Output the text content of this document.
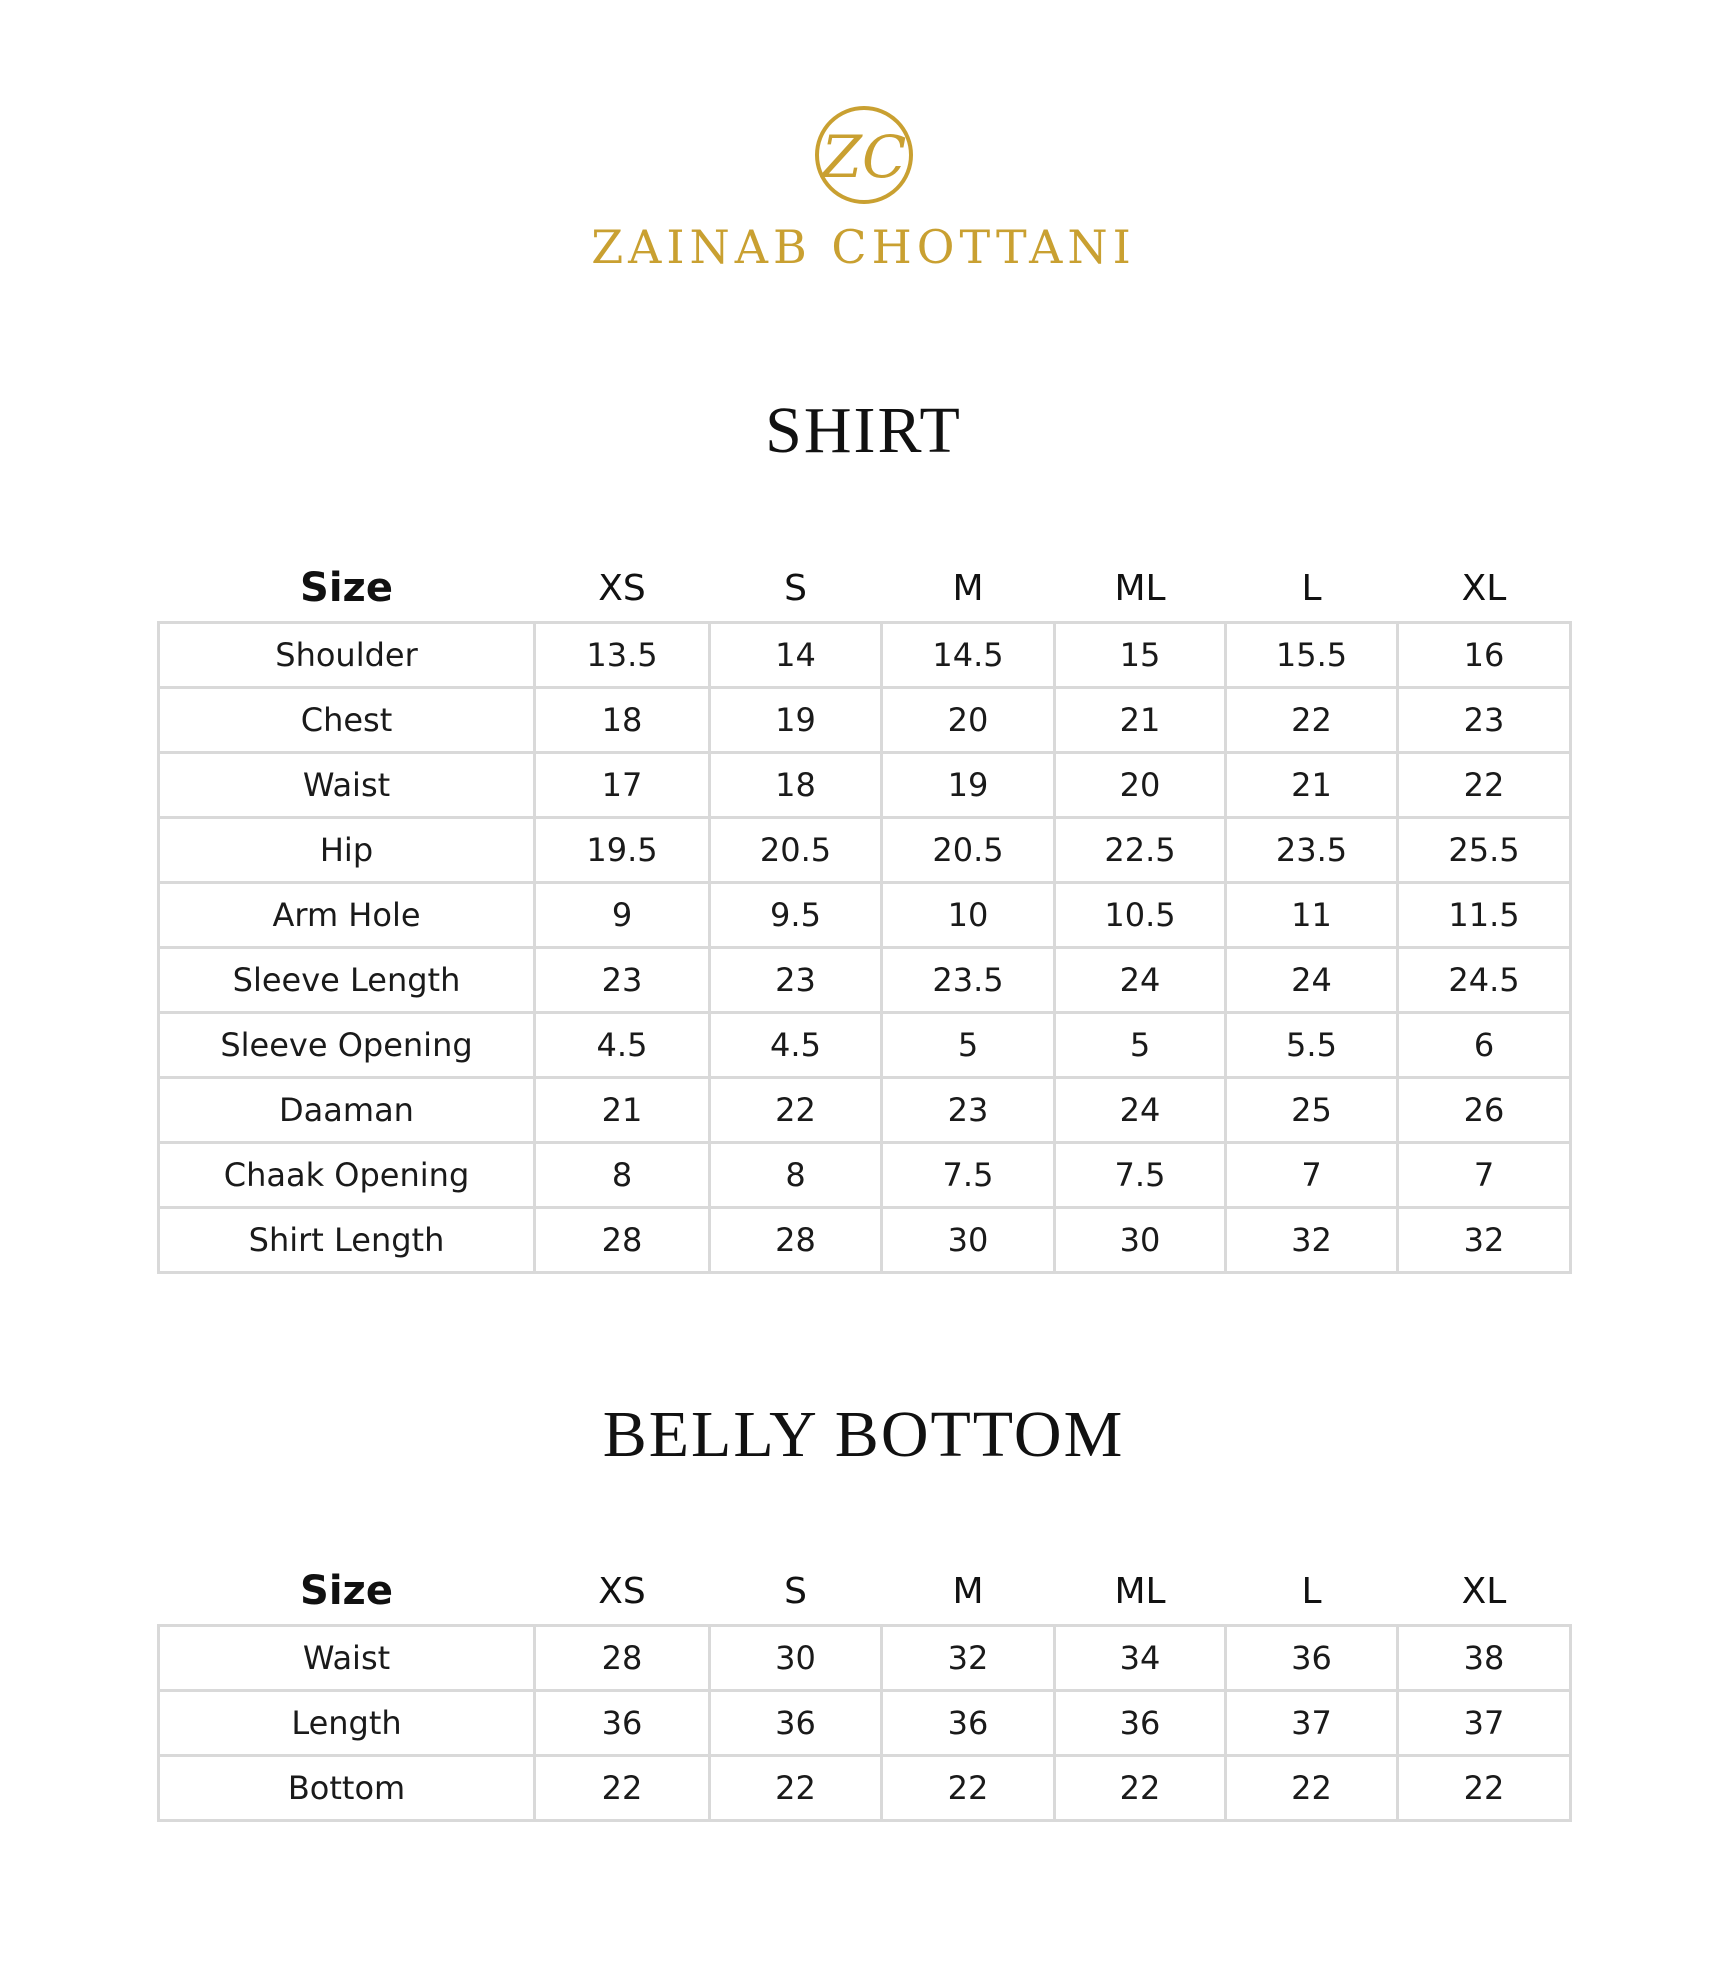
ZC
ZAINAB CHOTTANI
SHIRT
Size	XS	S	M	ML	L	XL
Shoulder	13.5	14	14.5	15	15.5	16
Chest	18	19	20	21	22	23
Waist	17	18	19	20	21	22
Hip	19.5	20.5	20.5	22.5	23.5	25.5
Arm Hole	9	9.5	10	10.5	11	11.5
Sleeve Length	23	23	23.5	24	24	24.5
Sleeve Opening	4.5	4.5	5	5	5.5	6
Daaman	21	22	23	24	25	26
Chaak Opening	8	8	7.5	7.5	7	7
Shirt Length	28	28	30	30	32	32
BELLY BOTTOM
Size	XS	S	M	ML	L	XL
Waist	28	30	32	34	36	38
Length	36	36	36	36	37	37
Bottom	22	22	22	22	22	22
